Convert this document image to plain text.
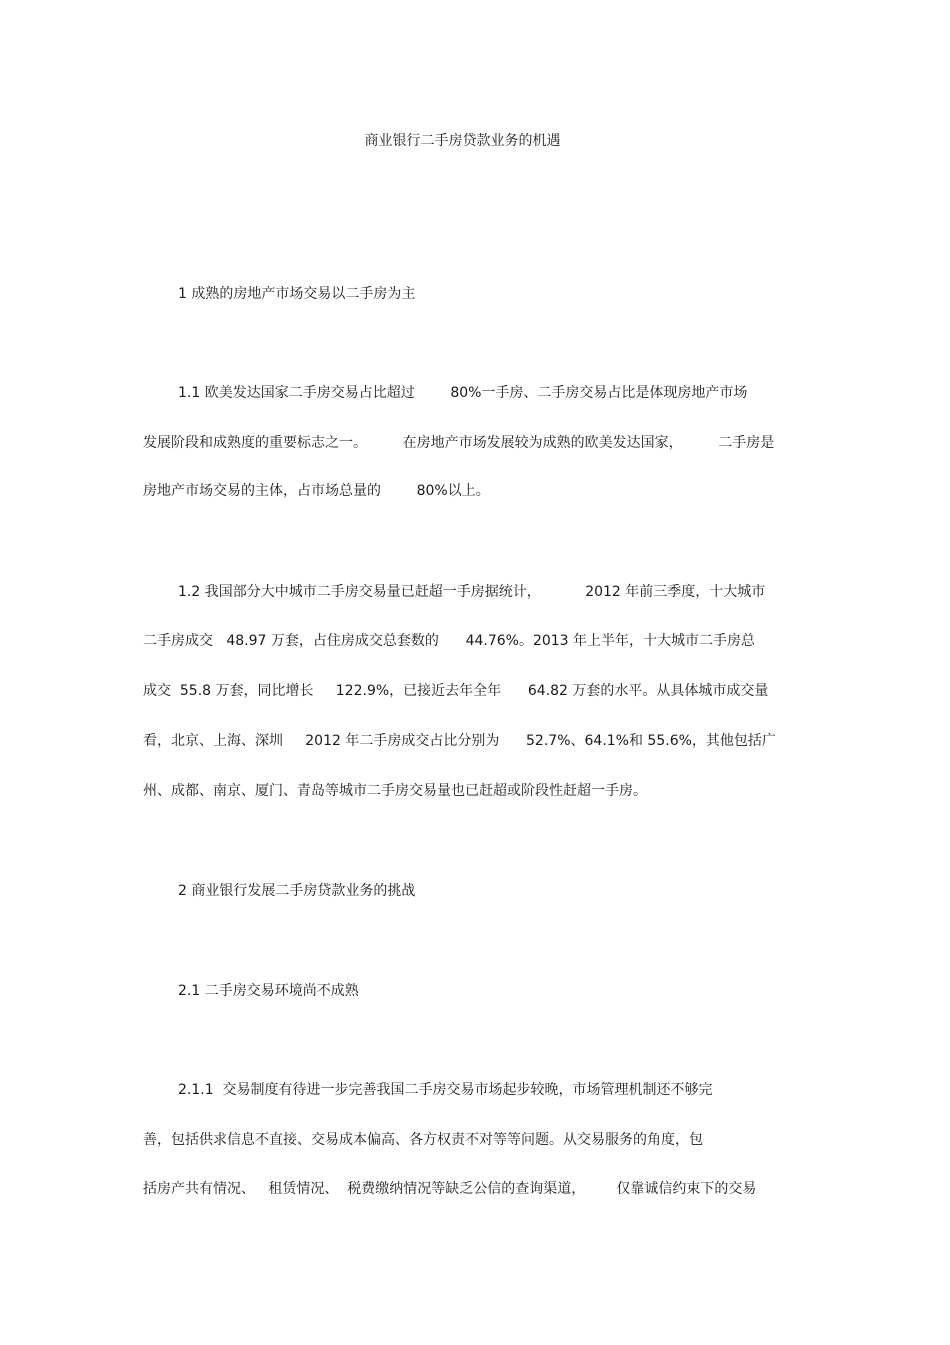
商业银行二手房贷款业务的机遇
1 成熟的房地产市场交易以二手房为主
1.1 欧美发达国家二手房交易占比超过        80%一手房、二手房交易占比是体现房地产市场
发展阶段和成熟度的重要标志之一。        在房地产市场发展较为成熟的欧美发达国家，        二手房是
房地产市场交易的主体，占市场总量的        80%以上。
1.2 我国部分大中城市二手房交易量已赶超一手房据统计，          2012 年前三季度，十大城市
二手房成交   48.97 万套，占住房成交总套数的      44.76%。2013 年上半年，十大城市二手房总
成交  55.8 万套，同比增长     122.9%，已接近去年全年      64.82 万套的水平。从具体城市成交量
看，北京、上海、深圳     2012 年二手房成交占比分别为      52.7%、64.1%和 55.6%，其他包括广
州、成都、南京、厦门、青岛等城市二手房交易量也已赶超或阶段性赶超一手房。
2 商业银行发展二手房贷款业务的挑战
2.1 二手房交易环境尚不成熟
2.1.1  交易制度有待进一步完善我国二手房交易市场起步较晚，市场管理机制还不够完
善，包括供求信息不直接、交易成本偏高、各方权责不对等等问题。从交易服务的角度，包
括房产共有情况、   租赁情况、  税费缴纳情况等缺乏公信的查询渠道，       仅靠诚信约束下的交易
